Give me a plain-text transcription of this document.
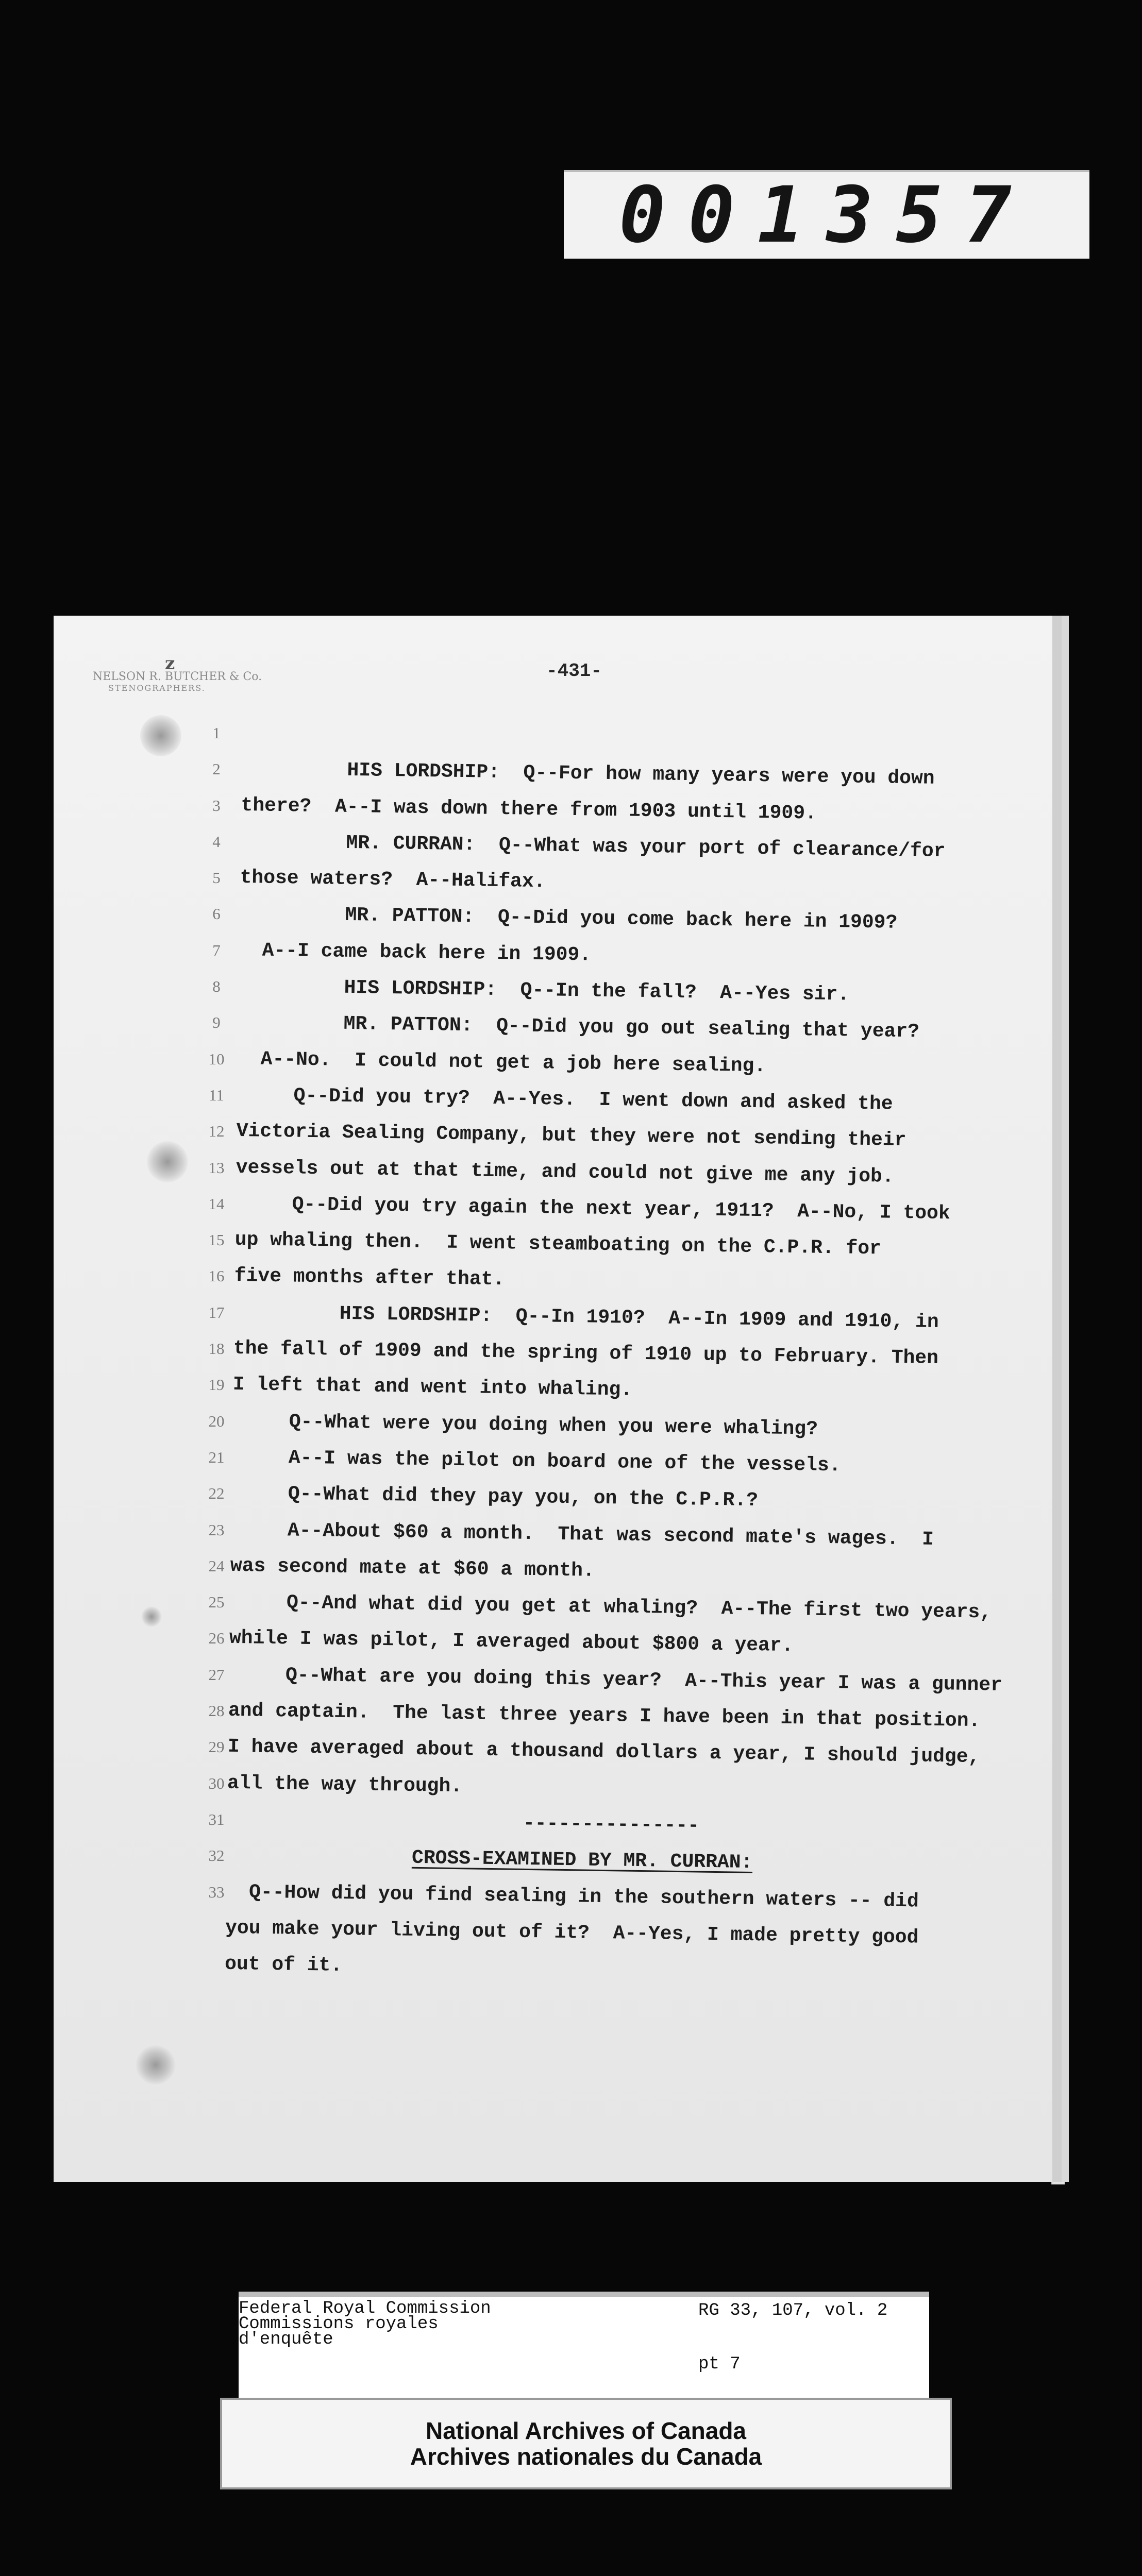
001357
z
NELSON R. BUTCHER & Co.
STENOGRAPHERS.
-431-
1
2
3
4
5
6
7
8
9
10
11
12
13
14
15
16
17
18
19
20
21
22
23
24
25
26
27
28
29
30
31
32
33
HIS LORDSHIP:  Q--For how many years were you down
there?  A--I was down there from 1903 until 1909.
MR. CURRAN:  Q--What was your port of clearance/for
those waters?  A--Halifax.
MR. PATTON:  Q--Did you come back here in 1909?
A--I came back here in 1909.
HIS LORDSHIP:  Q--In the fall?  A--Yes sir.
MR. PATTON:  Q--Did you go out sealing that year?
A--No.  I could not get a job here sealing.
Q--Did you try?  A--Yes.  I went down and asked the
Victoria Sealing Company, but they were not sending their
vessels out at that time, and could not give me any job.
Q--Did you try again the next year, 1911?  A--No, I took
up whaling then.  I went steamboating on the C.P.R. for
five months after that.
HIS LORDSHIP:  Q--In 1910?  A--In 1909 and 1910, in
the fall of 1909 and the spring of 1910 up to February. Then
I left that and went into whaling.
Q--What were you doing when you were whaling?
A--I was the pilot on board one of the vessels.
Q--What did they pay you, on the C.P.R.?
A--About $60 a month.  That was second mate's wages.  I
was second mate at $60 a month.
Q--And what did you get at whaling?  A--The first two years,
while I was pilot, I averaged about $800 a year.
Q--What are you doing this year?  A--This year I was a gunner
and captain.  The last three years I have been in that position.
I have averaged about a thousand dollars a year, I should judge,
all the way through.
---------------
CROSS-EXAMINED BY MR. CURRAN:
Q--How did you find sealing in the southern waters -- did
you make your living out of it?  A--Yes, I made pretty good
out of it.
Federal Royal Commission
Commissions royales
d'enquête
RG 33, 107, vol. 2
pt 7
National Archives of Canada
Archives nationales du Canada
